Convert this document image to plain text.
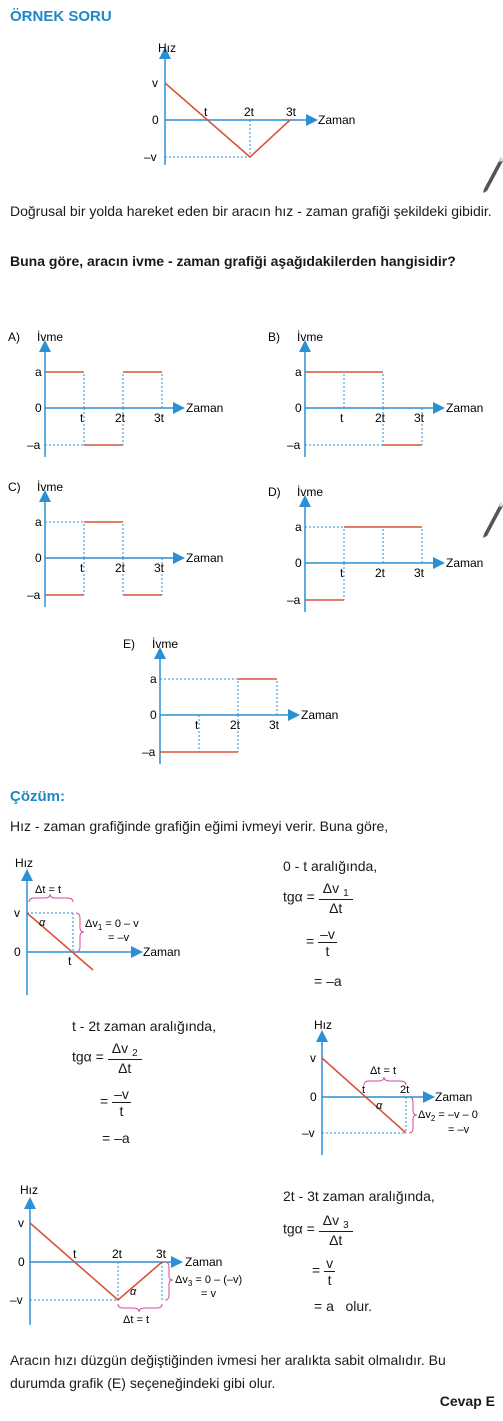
ÖRNEK SORU
Hız
v
0
–v
t	2t	3t
Zaman
Doğrusal bir yolda hareket eden bir aracın hız - zaman grafiği şekildeki gibidir.
Buna göre, aracın ivme - zaman grafiği aşağıdakilerden hangisidir?
A) İvme
a
0
–a
t	2t 3t
Zaman
B) İvme
a
0
–a
t	2t 3t
Zaman
C) İvme
a
0
–a
t	2t 3t
Zaman
D) İvme
a
0
–a
t	2t 3t
Zaman
E) İvme
a
0
–a
t	2t 3t
Zaman
Çözüm:
Hız - zaman grafiğinde grafiğin eğimi ivmeyi verir. Buna göre,
Hız
v
0
t
Δt = t
α	$\Delta v_1 = 0 - v$
= –v
Zaman
0 - t aralığında,
$tg\alpha = \frac{\Delta v _1}{\Delta t}$
= $\frac{-v}{t}$
= –a
t - 2t zaman aralığında,
$tg\alpha = \frac{\Delta v _2}{\Delta t}$
= $\frac{-v}{t}$
= –a
Hız
v
0
–v
t	2t
Δt = t
α
$\Delta v_2 = -v - 0$
= –v
Zaman
Hız
v
0
–v
t	2t	3t
α
Δt = t
$\Delta v_3 = 0 - (-v)$
= v
Zaman
2t - 3t zaman aralığında,
$tg\alpha = \frac{\Delta v _3}{\Delta t}$
= $\frac{v}{t}$
= a   olur.
Aracın hızı düzgün değiştiğinden ivmesi her aralıkta sabit olmalıdır. Bu durumda grafik (E) seçeneğindeki gibi olur.
Cevap E
